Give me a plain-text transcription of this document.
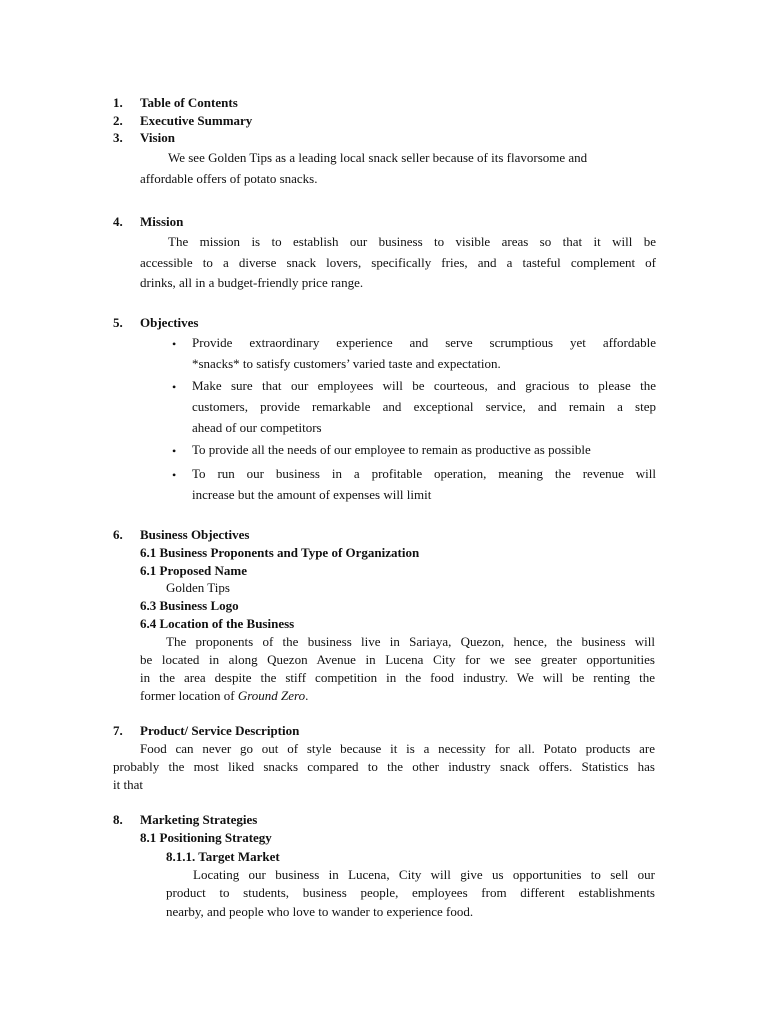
1. Table of Contents
2. Executive Summary
3. Vision
We see Golden Tips as a leading local snack seller because of its flavorsome and
affordable offers of potato snacks.
4. Mission
The mission is to establish our business to visible areas so that it will be
accessible to a diverse snack lovers, specifically fries, and a tasteful complement of
drinks, all in a budget-friendly price range.
5. Objectives
• Provide extraordinary experience and serve scrumptious yet affordable
*snacks* to satisfy customers’ varied taste and expectation.
• Make sure that our employees will be courteous, and gracious to please the
customers, provide remarkable and exceptional service, and remain a step
ahead of our competitors
• To provide all the needs of our employee to remain as productive as possible
• To run our business in a profitable operation, meaning the revenue will
increase but the amount of expenses will limit
6. Business Objectives
6.1 Business Proponents and Type of Organization
6.1 Proposed Name
Golden Tips
6.3 Business Logo
6.4 Location of the Business
The proponents of the business live in Sariaya, Quezon, hence, the business will
be located in along Quezon Avenue in Lucena City for we see greater opportunities
in the area despite the stiff competition in the food industry. We will be renting the
former location of Ground Zero.
7. Product/ Service Description
Food can never go out of style because it is a necessity for all. Potato products are
probably the most liked snacks compared to the other industry snack offers. Statistics has
it that
8. Marketing Strategies
8.1 Positioning Strategy
8.1.1. Target Market
Locating our business in Lucena, City will give us opportunities to sell our
product to students, business people, employees from different establishments
nearby, and people who love to wander to experience food.
